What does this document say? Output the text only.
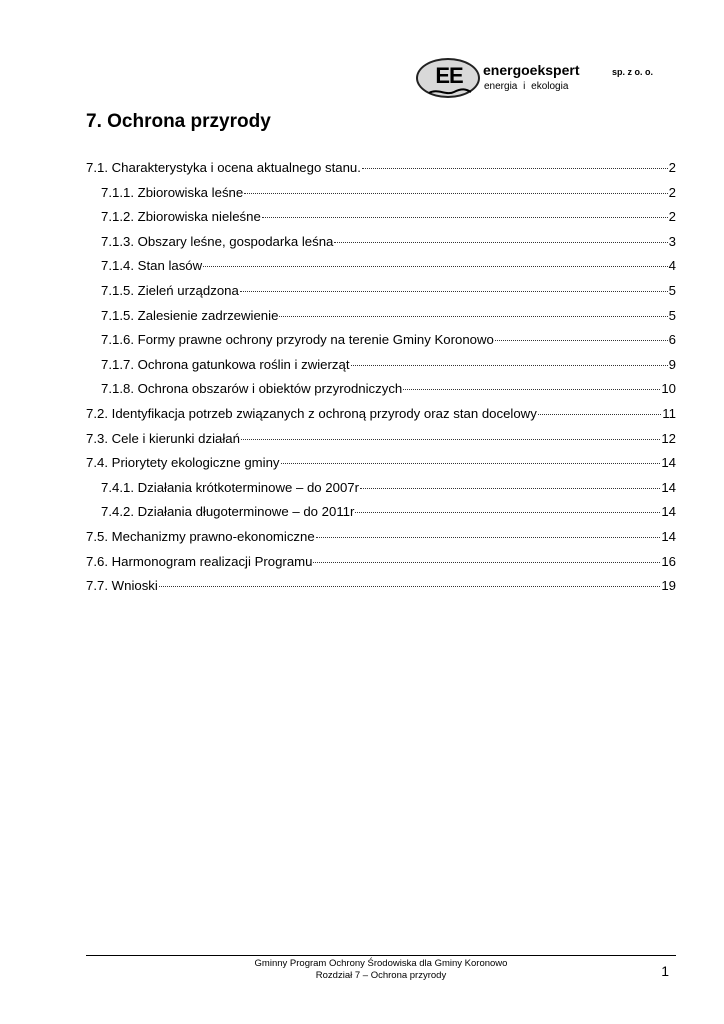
EE	energoekspert	sp. z o. o.
energia i ekologia
7. Ochrona przyrody
7.1. Charakterystyka i ocena aktualnego stanu.	2
7.1.1. Zbiorowiska leśne	2
7.1.2. Zbiorowiska nieleśne	2
7.1.3. Obszary leśne, gospodarka leśna	3
7.1.4. Stan lasów	4
7.1.5. Zieleń urządzona	5
7.1.5. Zalesienie zadrzewienie	5
7.1.6. Formy prawne ochrony przyrody na terenie Gminy Koronowo	6
7.1.7. Ochrona gatunkowa roślin i zwierząt	9
7.1.8. Ochrona obszarów i obiektów przyrodniczych	10
7.2. Identyfikacja potrzeb związanych z ochroną przyrody oraz stan docelowy	11
7.3. Cele i kierunki działań	12
7.4. Priorytety ekologiczne gminy	14
7.4.1. Działania krótkoterminowe – do 2007r	14
7.4.2. Działania długoterminowe – do 2011r	14
7.5. Mechanizmy prawno-ekonomiczne	14
7.6. Harmonogram realizacji Programu	16
7.7. Wnioski	19
Gminny Program Ochrony Środowiska dla Gminy Koronowo
Rozdział 7 – Ochrona przyrody	1
